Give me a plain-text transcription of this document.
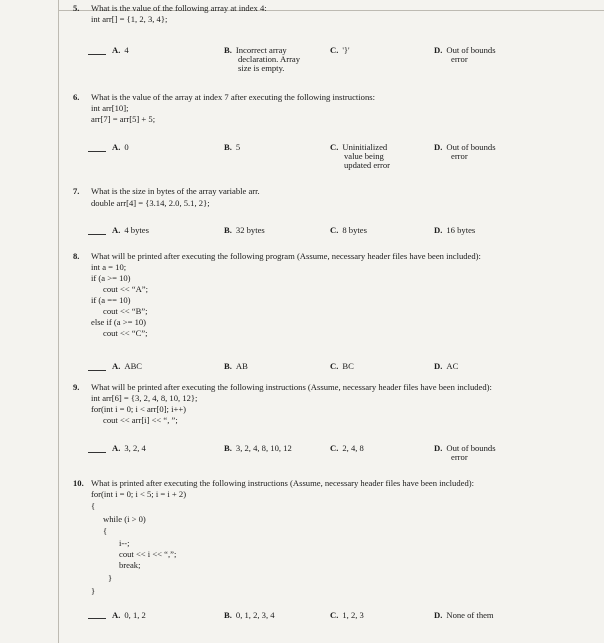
5. What is the value of the following array at index 4:
int arr[] = {1, 2, 3, 4};
A. 4	B. Incorrect array
declaration. Array
size is empty.
C. '}'	D. Out of bounds
error
6. What is the value of the array at index 7 after executing the following instructions:
int arr[10];
arr[7] = arr[5] + 5;
A. 0	B. 5	C. Uninitialized
value being
updated error
D. Out of bounds
error
7. What is the size in bytes of the array variable arr.
double arr[4] = {3.14, 2.0, 5.1, 2};
A. 4 bytes	B. 32 bytes	C. 8 bytes	D. 16 bytes
8. What will be printed after executing the following program (Assume, necessary header files have been included):
int a = 10;
if (a >= 10)
cout << “A”;
if (a == 10)
cout << “B”;
else if (a >= 10)
cout << “C”;
A. ABC	B. AB	C. BC	D. AC
9. What will be printed after executing the following instructions (Assume, necessary header files have been included):
int arr[6] = {3, 2, 4, 8, 10, 12};
for(int i = 0; i < arr[0]; i++)
cout << arr[i] << “, ”;
A. 3, 2, 4	B. 3, 2, 4, 8, 10, 12	C. 2, 4, 8	D. Out of bounds
error
10. What is printed after executing the following instructions (Assume, necessary header files have been included):
for(int i = 0; i < 5; i = i + 2)
{
while (i > 0)
{
i--;
cout << i << “,”;
break;
}
}
A. 0, 1, 2	B. 0, 1, 2, 3, 4	C. 1, 2, 3	D. None of them
